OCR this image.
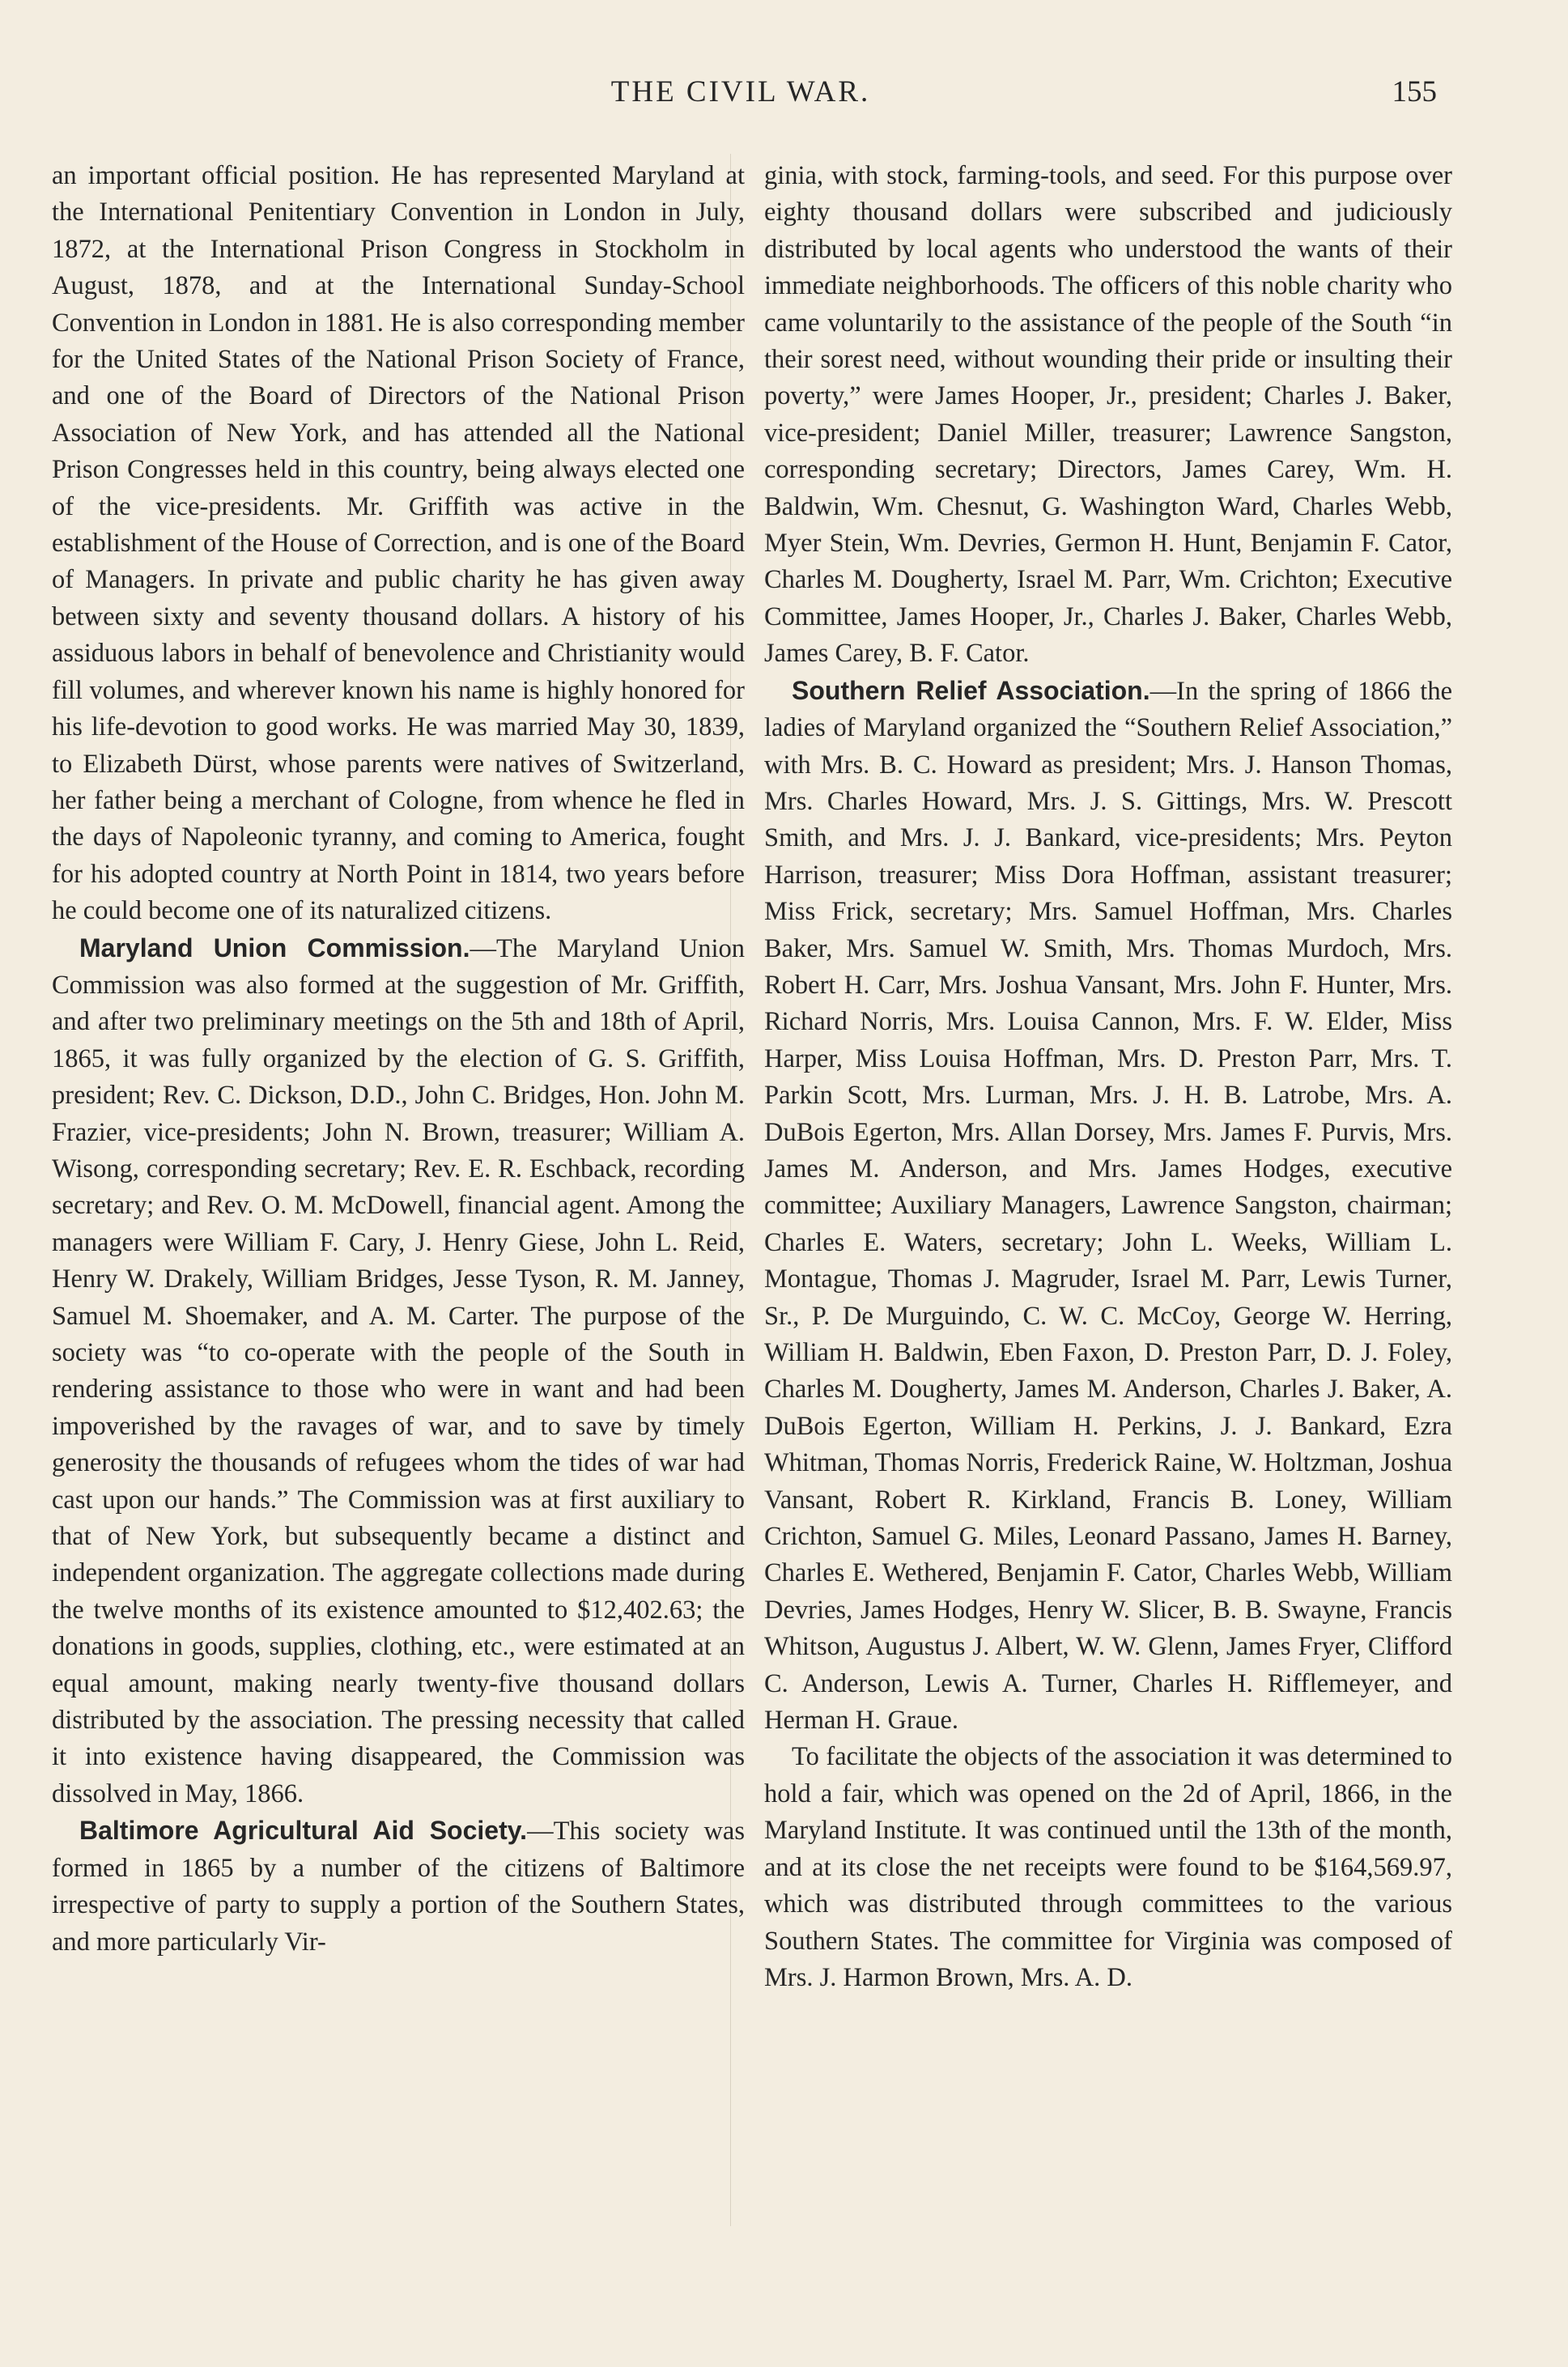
THE CIVIL WAR.	155

an important official position. He has represented Maryland at the International Penitentiary Convention in London in July, 1872, at the International Prison Congress in Stockholm in August, 1878, and at the International Sunday-School Convention in London in 1881. He is also corresponding member for the United States of the National Prison Society of France, and one of the Board of Directors of the National Prison Association of New York, and has attended all the National Prison Congresses held in this country, being always elected one of the vice-presidents. Mr. Griffith was active in the establishment of the House of Correction, and is one of the Board of Managers. In private and public charity he has given away between sixty and seventy thousand dollars. A history of his assiduous labors in behalf of benevolence and Christianity would fill volumes, and wherever known his name is highly honored for his life-devotion to good works. He was married May 30, 1839, to Elizabeth Dürst, whose parents were natives of Switzerland, her father being a merchant of Cologne, from whence he fled in the days of Napoleonic tyranny, and coming to America, fought for his adopted country at North Point in 1814, two years before he could become one of its naturalized citizens.

Maryland Union Commission.—The Maryland Union Commission was also formed at the suggestion of Mr. Griffith, and after two preliminary meetings on the 5th and 18th of April, 1865, it was fully organized by the election of G. S. Griffith, president; Rev. C. Dickson, D.D., John C. Bridges, Hon. John M. Frazier, vice-presidents; John N. Brown, treasurer; William A. Wisong, corresponding secretary; Rev. E. R. Eschback, recording secretary; and Rev. O. M. McDowell, financial agent. Among the managers were William F. Cary, J. Henry Giese, John L. Reid, Henry W. Drakely, William Bridges, Jesse Tyson, R. M. Janney, Samuel M. Shoemaker, and A. M. Carter. The purpose of the society was “to co-operate with the people of the South in rendering assistance to those who were in want and had been impoverished by the ravages of war, and to save by timely generosity the thousands of refugees whom the tides of war had cast upon our hands.” The Commission was at first auxiliary to that of New York, but subsequently became a distinct and independent organization. The aggregate collections made during the twelve months of its existence amounted to $12,402.63; the donations in goods, supplies, clothing, etc., were estimated at an equal amount, making nearly twenty-five thousand dollars distributed by the association. The pressing necessity that called it into existence having disappeared, the Commission was dissolved in May, 1866.

Baltimore Agricultural Aid Society.—This society was formed in 1865 by a number of the citizens of Baltimore irrespective of party to supply a portion of the Southern States, and more particularly Vir-

ginia, with stock, farming-tools, and seed. For this purpose over eighty thousand dollars were subscribed and judiciously distributed by local agents who understood the wants of their immediate neighborhoods. The officers of this noble charity who came voluntarily to the assistance of the people of the South “in their sorest need, without wounding their pride or insulting their poverty,” were James Hooper, Jr., president; Charles J. Baker, vice-president; Daniel Miller, treasurer; Lawrence Sangston, corresponding secretary; Directors, James Carey, Wm. H. Baldwin, Wm. Chesnut, G. Washington Ward, Charles Webb, Myer Stein, Wm. Devries, Germon H. Hunt, Benjamin F. Cator, Charles M. Dougherty, Israel M. Parr, Wm. Crichton; Executive Committee, James Hooper, Jr., Charles J. Baker, Charles Webb, James Carey, B. F. Cator.

Southern Relief Association.—In the spring of 1866 the ladies of Maryland organized the “Southern Relief Association,” with Mrs. B. C. Howard as president; Mrs. J. Hanson Thomas, Mrs. Charles Howard, Mrs. J. S. Gittings, Mrs. W. Prescott Smith, and Mrs. J. J. Bankard, vice-presidents; Mrs. Peyton Harrison, treasurer; Miss Dora Hoffman, assistant treasurer; Miss Frick, secretary; Mrs. Samuel Hoffman, Mrs. Charles Baker, Mrs. Samuel W. Smith, Mrs. Thomas Murdoch, Mrs. Robert H. Carr, Mrs. Joshua Vansant, Mrs. John F. Hunter, Mrs. Richard Norris, Mrs. Louisa Cannon, Mrs. F. W. Elder, Miss Harper, Miss Louisa Hoffman, Mrs. D. Preston Parr, Mrs. T. Parkin Scott, Mrs. Lurman, Mrs. J. H. B. Latrobe, Mrs. A. DuBois Egerton, Mrs. Allan Dorsey, Mrs. James F. Purvis, Mrs. James M. Anderson, and Mrs. James Hodges, executive committee; Auxiliary Managers, Lawrence Sangston, chairman; Charles E. Waters, secretary; John L. Weeks, William L. Montague, Thomas J. Magruder, Israel M. Parr, Lewis Turner, Sr., P. De Murguindo, C. W. C. McCoy, George W. Herring, William H. Baldwin, Eben Faxon, D. Preston Parr, D. J. Foley, Charles M. Dougherty, James M. Anderson, Charles J. Baker, A. DuBois Egerton, William H. Perkins, J. J. Bankard, Ezra Whitman, Thomas Norris, Frederick Raine, W. Holtzman, Joshua Vansant, Robert R. Kirkland, Francis B. Loney, William Crichton, Samuel G. Miles, Leonard Passano, James H. Barney, Charles E. Wethered, Benjamin F. Cator, Charles Webb, William Devries, James Hodges, Henry W. Slicer, B. B. Swayne, Francis Whitson, Augustus J. Albert, W. W. Glenn, James Fryer, Clifford C. Anderson, Lewis A. Turner, Charles H. Rifflemeyer, and Herman H. Graue.

To facilitate the objects of the association it was determined to hold a fair, which was opened on the 2d of April, 1866, in the Maryland Institute. It was continued until the 13th of the month, and at its close the net receipts were found to be $164,569.97, which was distributed through committees to the various Southern States. The committee for Virginia was composed of Mrs. J. Harmon Brown, Mrs. A. D.
